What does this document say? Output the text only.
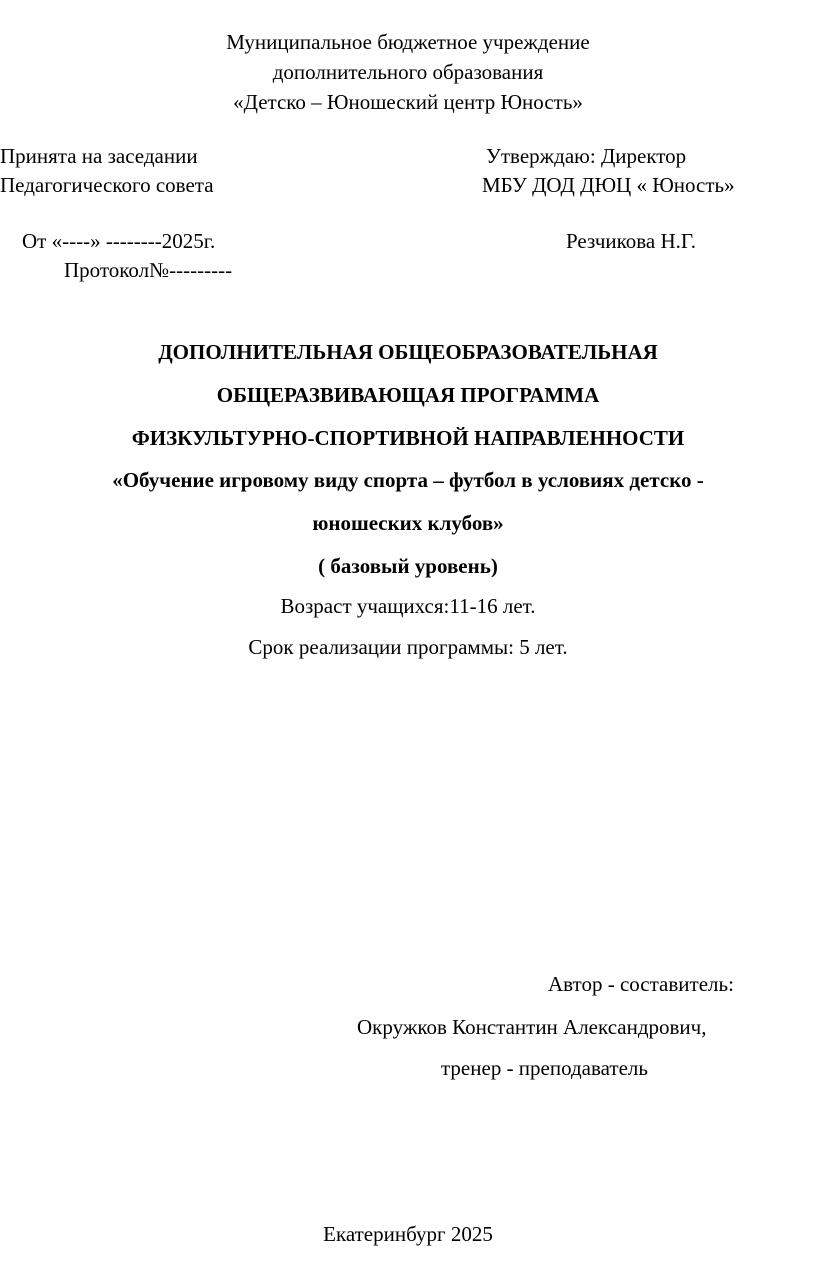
Муниципальное бюджетное учреждение
дополнительного образования
«Детско – Юношеский центр Юность»
Принята на заседании
Педагогического совета
Утверждаю: Директор
МБУ ДОД ДЮЦ « Юность»
От «----» --------2025г.	Резчикова Н.Г.
Протокол№---------
ДОПОЛНИТЕЛЬНАЯ ОБЩЕОБРАЗОВАТЕЛЬНАЯ
ОБЩЕРАЗВИВАЮЩАЯ ПРОГРАММА
ФИЗКУЛЬТУРНО-СПОРТИВНОЙ НАПРАВЛЕННОСТИ
«Обучение игровому виду спорта – футбол в условиях детско -
юношеских клубов»
( базовый уровень)
Возраст учащихся:11-16 лет.
Срок реализации программы: 5 лет.
Автор - составитель:
Окружков Константин Александрович,
тренер - преподаватель
Екатеринбург 2025
